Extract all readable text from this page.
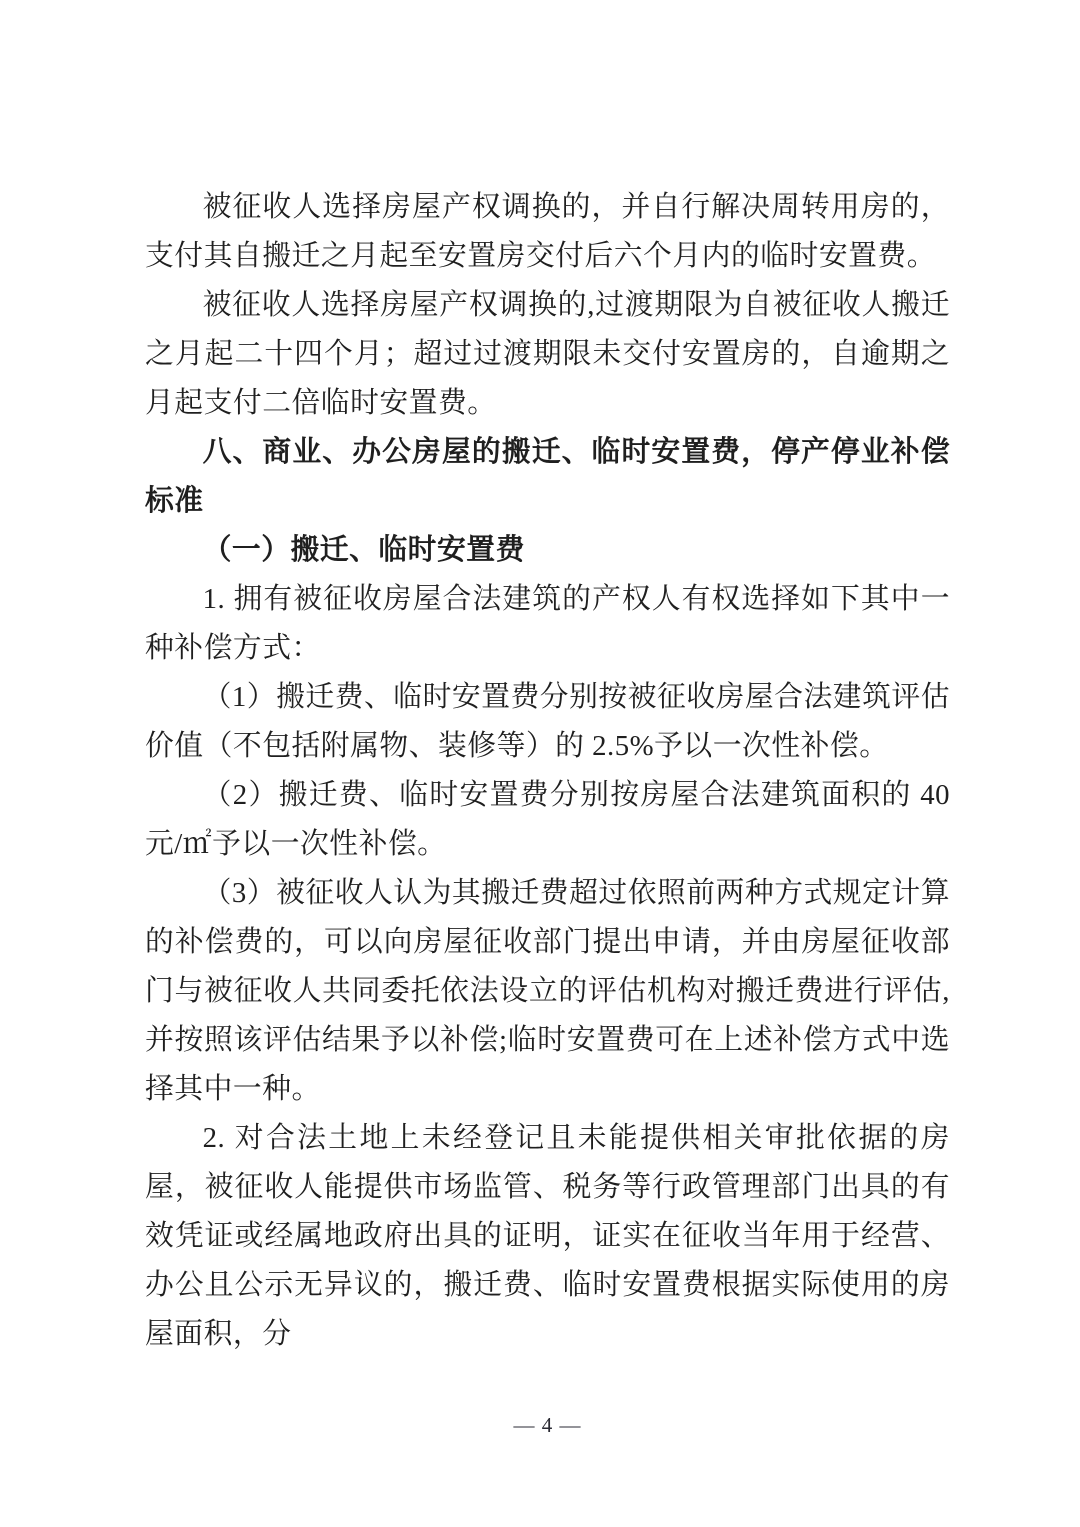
被征收人选择房屋产权调换的，并自行解决周转用房的，支付其自搬迁之月起至安置房交付后六个月内的临时安置费。

被征收人选择房屋产权调换的,过渡期限为自被征收人搬迁之月起二十四个月；超过过渡期限未交付安置房的，自逾期之月起支付二倍临时安置费。

八、商业、办公房屋的搬迁、临时安置费，停产停业补偿标准

（一）搬迁、临时安置费

1. 拥有被征收房屋合法建筑的产权人有权选择如下其中一种补偿方式：

（1）搬迁费、临时安置费分别按被征收房屋合法建筑评估价值（不包括附属物、装修等）的 2.5%予以一次性补偿。

（2）搬迁费、临时安置费分别按房屋合法建筑面积的 40 元/㎡予以一次性补偿。

（3）被征收人认为其搬迁费超过依照前两种方式规定计算的补偿费的，可以向房屋征收部门提出申请，并由房屋征收部门与被征收人共同委托依法设立的评估机构对搬迁费进行评估,并按照该评估结果予以补偿;临时安置费可在上述补偿方式中选择其中一种。

2. 对合法土地上未经登记且未能提供相关审批依据的房屋，被征收人能提供市场监管、税务等行政管理部门出具的有效凭证或经属地政府出具的证明，证实在征收当年用于经营、办公且公示无异议的，搬迁费、临时安置费根据实际使用的房屋面积，分

— 4 —
